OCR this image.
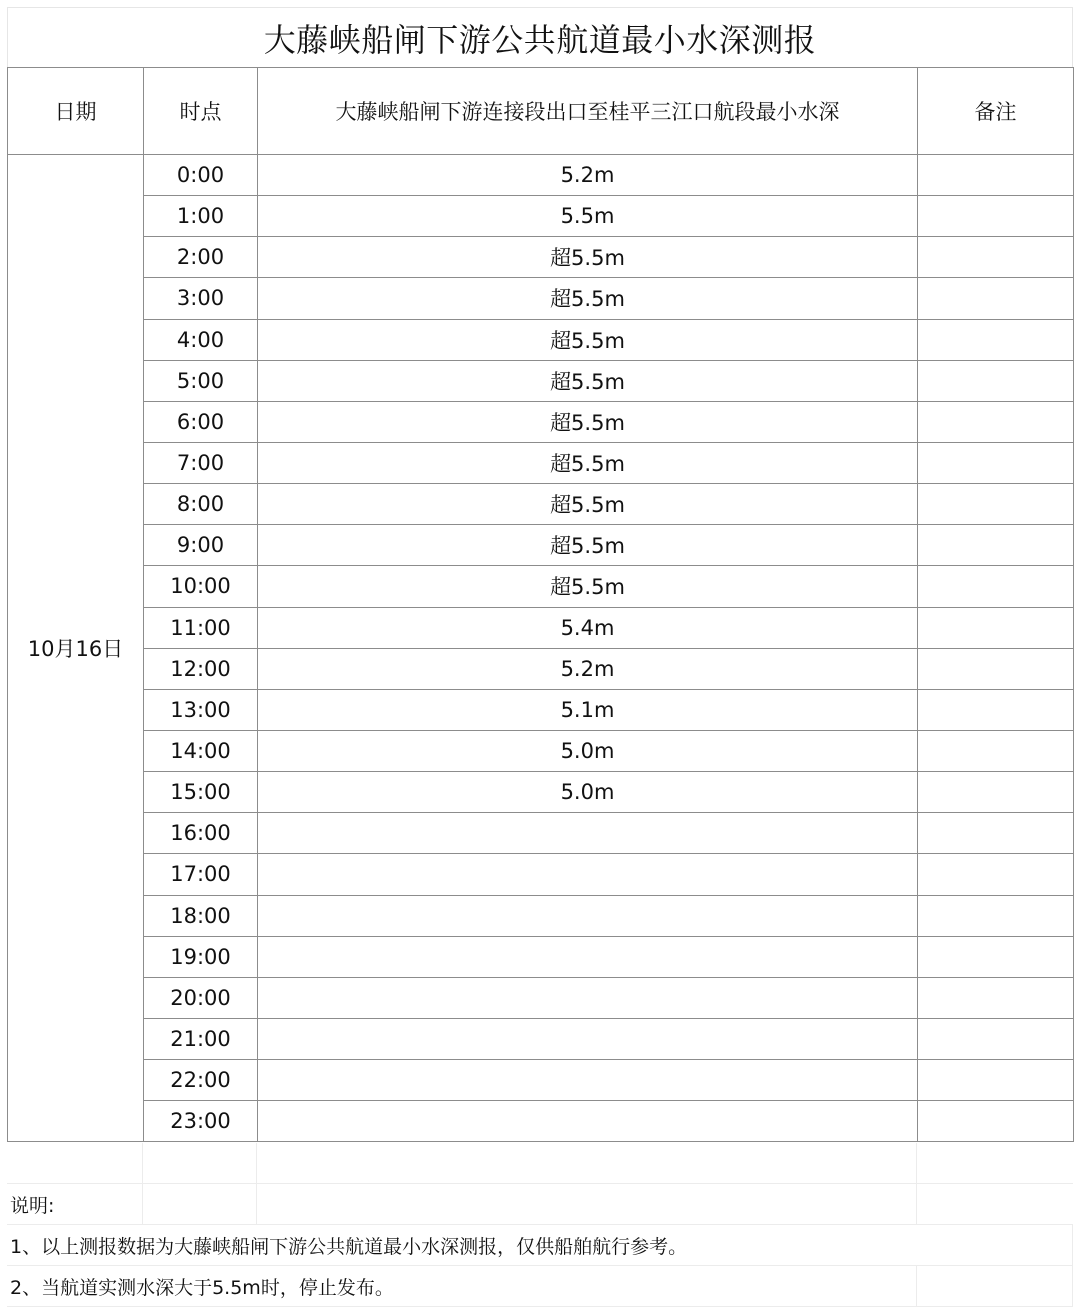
大藤峡船闸下游公共航道最小水深测报
日期	时点	大藤峡船闸下游连接段出口至桂平三江口航段最小水深	备注
10月16日	0:00	5.2m	
	1:00	5.5m	
	2:00	超5.5m	
	3:00	超5.5m	
	4:00	超5.5m	
	5:00	超5.5m	
	6:00	超5.5m	
	7:00	超5.5m	
	8:00	超5.5m	
	9:00	超5.5m	
	10:00	超5.5m	
	11:00	5.4m	
	12:00	5.2m	
	13:00	5.1m	
	14:00	5.0m	
	15:00	5.0m	
	16:00		
	17:00		
	18:00		
	19:00		
	20:00		
	21:00		
	22:00		
	23:00		
说明:
1、以上测报数据为大藤峡船闸下游公共航道最小水深测报，仅供船舶航行参考。
2、当航道实测水深大于5.5m时，停止发布。
